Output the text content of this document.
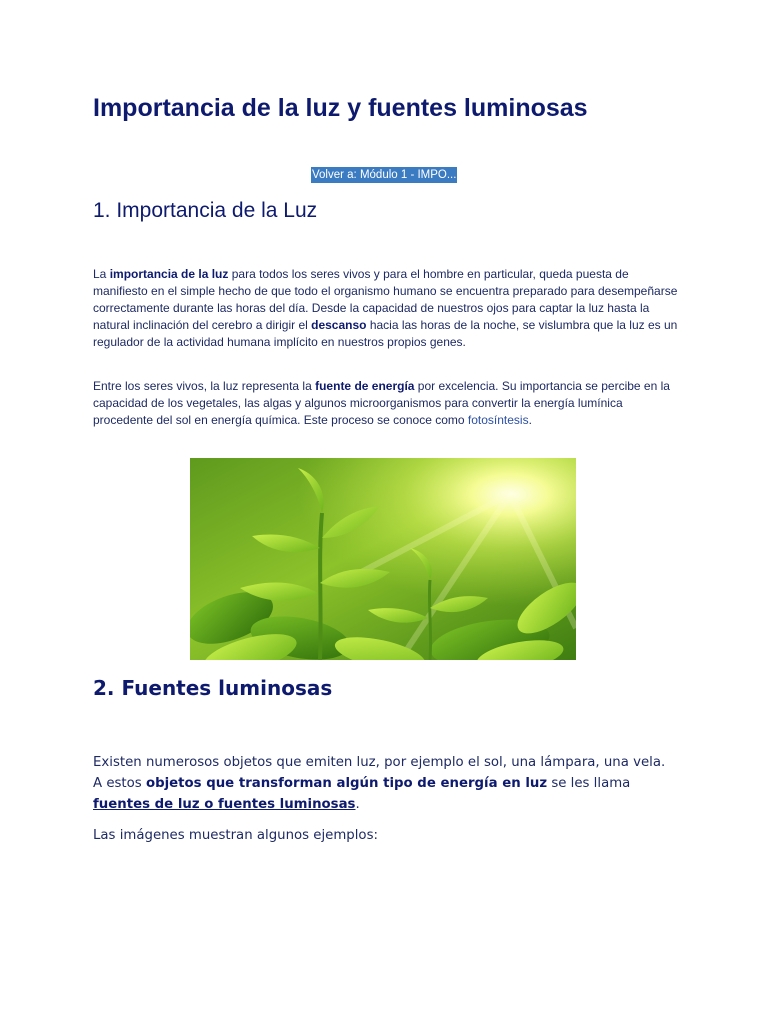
Importancia de la luz y fuentes luminosas
Volver a: Módulo 1 - IMPO...
1. Importancia de la Luz

La importancia de la luz para todos los seres vivos y para el hombre en particular, queda puesta de manifiesto en el simple hecho de que todo el organismo humano se encuentra preparado para desempeñarse correctamente durante las horas del día. Desde la capacidad de nuestros ojos para captar la luz hasta la natural inclinación del cerebro a dirigir el descanso hacia las horas de la noche, se vislumbra que la luz es un regulador de la actividad humana implícito en nuestros propios genes.

Entre los seres vivos, la luz representa la fuente de energía por excelencia. Su importancia se percibe en la capacidad de los vegetales, las algas y algunos microorganismos para convertir la energía lumínica procedente del sol en energía química. Este proceso se conoce como fotosíntesis.

2. Fuentes luminosas

Existen numerosos objetos que emiten luz, por ejemplo el sol, una lámpara, una vela. A estos objetos que transforman algún tipo de energía en luz se les llama fuentes de luz o fuentes luminosas.

Las imágenes muestran algunos ejemplos:
